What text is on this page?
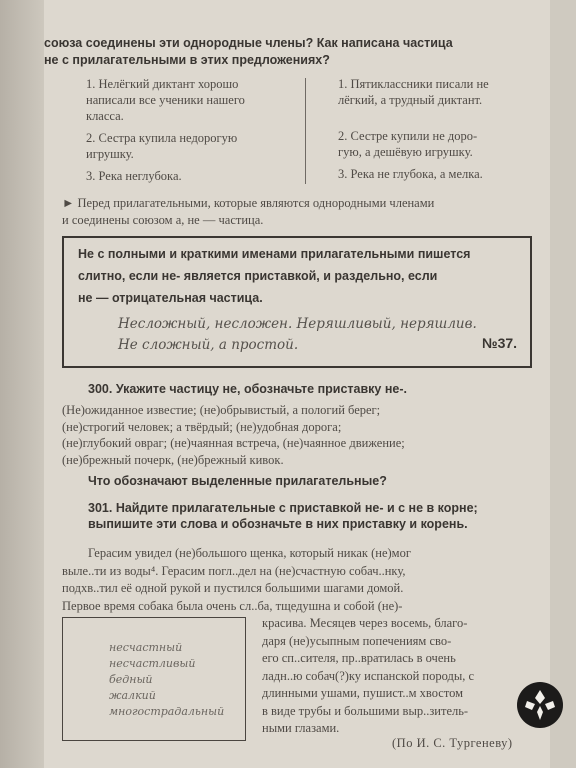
союза соединены эти однородные члены? Как написана частица
не с прилагательными в этих предложениях?
1. Нелёгкий диктант хорошо
написали все ученики нашего
класса.
2. Сестра купила недорогую
игрушку.
3. Река неглубока.
1. Пятиклассники писали не
лёгкий, а трудный диктант.
2. Сестре купили не доро-
гую, а дешёвую игрушку.
3. Река не глубока, а мелка.
► Перед прилагательными, которые являются однородными членами
и соединены союзом а, не — частица.
Не с полными и краткими именами прилагательными пишется
слитно, если не- является приставкой, и раздельно, если
не — отрицательная частица.
Несложный, несложен. Неряшливый, неряшлив.
Не сложный, а простой.	№37.
300. Укажите частицу не, обозначьте приставку не-.
(Не)ожиданное известие; (не)обрывистый, а пологий берег;
(не)строгий человек; а твёрдый; (не)удобная дорога;
(не)глубокий овраг; (не)чаянная встреча, (не)чаянное движение;
(не)брежный почерк, (не)брежный кивок.
Что обозначают выделенные прилагательные?
301. Найдите прилагательные с приставкой не- и с не в корне;
выпишите эти слова и обозначьте в них приставку и корень.
Герасим увидел (не)большого щенка, который никак (не)мог
выле..ти из воды⁴. Герасим погл..дел на (не)счастную собач..нку,
подхв..тил её одной рукой и пустился большими шагами домой.
Первое время собака была очень сл..ба, тщедушна и собой (не)-
красива. Месяцев через восемь, благо-
даря (не)усыпным попечениям сво-
его сп..сителя, пр..вратилась в очень
ладн..ю собач(?)ку испанской породы, с
длинными ушами, пушист..м хвостом
в виде трубы и большими выр..зитель-
ными глазами.
несчастный
несчастливый
бедный
жалкий
многострадальный
(По И. С. Тургеневу)
